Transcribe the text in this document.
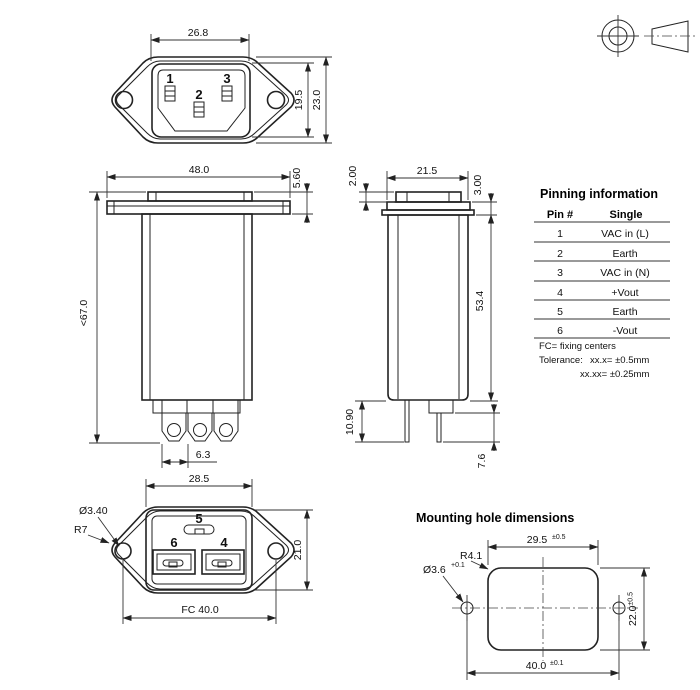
1
2
3
26.8
19.5 23.0
48.0	5.60
<67.0
6.3
2.00	21.5
3.00
53.4
10.90
7.6
Pinning information
Pin #	Single
1	VAC in (L)
2	Earth
3	VAC in (N)
4	+Vout
5	Earth
6	-Vout
FC= fixing centers
Tolerance: xx.x= ±0.5mm
xx.xx= ±0.25mm
5
6	4
28.5
Ø3.40
R7
21.0
FC 40.0
Mounting hole dimensions
29.5 ±0.5
R4.1
Ø3.6 +0.1
$22.0^{\pm 0.5}$
40.0 ±0.1
